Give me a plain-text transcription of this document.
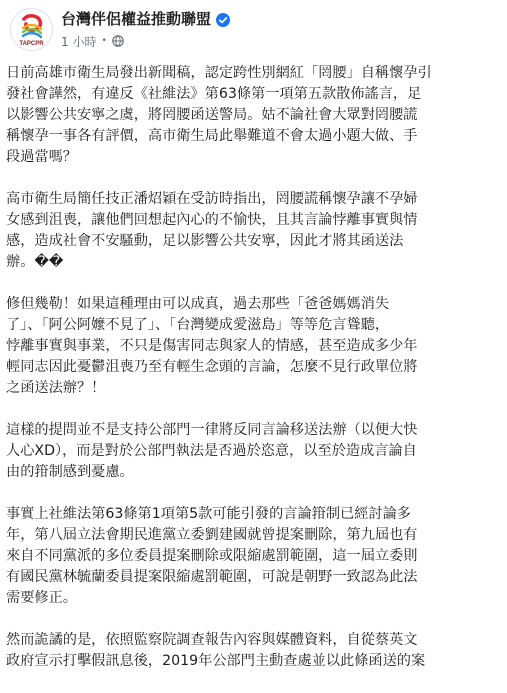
TAPCPR
台灣伴侶權益推動聯盟
1 小時 •

日前高雄市衛生局發出新聞稿，認定跨性別網紅「罔腰」自稱懷孕引
發社會譁然，有違反《社維法》第63條第一項第五款散佈謠言，足
以影響公共安寧之虞，將罔腰函送警局。姑不論社會大眾對罔腰謊
稱懷孕一事各有評價，高市衛生局此舉難道不會太過小題大做、手
段過當嗎？

高市衛生局簡任技正潘炤穎在受訪時指出，罔腰謊稱懷孕讓不孕婦
女感到沮喪，讓他們回想起內心的不愉快，且其言論悖離事實與情
感，造成社會不安騷動，足以影響公共安寧，因此才將其函送法
辦。��

修但幾勒！如果這種理由可以成真，過去那些「爸爸媽媽消失
了」、「阿公阿嬤不見了」、「台灣變成愛滋島」等等危言聳聽，
悖離事實與事業，不只是傷害同志與家人的情感，甚至造成多少年
輕同志因此憂鬱沮喪乃至有輕生念頭的言論，怎麼不見行政單位將
之函送法辦？！

這樣的提問並不是支持公部門一律將反同言論移送法辦（以便大快
人心XD），而是對於公部門執法是否過於恣意，以至於造成言論自
由的箝制感到憂慮。

事實上社維法第63條第1項第5款可能引發的言論箝制已經討論多
年，第八屆立法會期民進黨立委劉建國就曾提案刪除，第九屆也有
來自不同黨派的多位委員提案刪除或限縮處罰範圍，這一屆立委則
有國民黨林毓蘭委員提案限縮處罰範圍，可說是朝野一致認為此法
需要修正。

然而詭譎的是，依照監察院調查報告內容與媒體資料，自從蔡英文
政府宣示打擊假訊息後，2019年公部門主動查處並以此條函送的案
